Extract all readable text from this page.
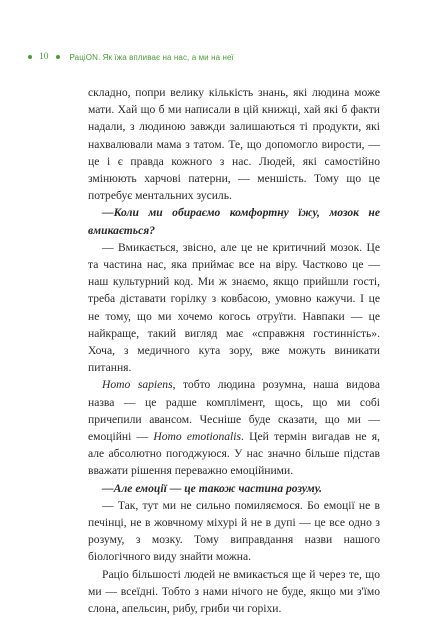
10	РаціON. Як їжа впливає на нас, а ми на неї

складно, попри велику кількість знань, які людина може мати. Хай що б ми написали в цій книжці, хай які б факти надали, з людиною завжди залишаються ті продукти, які нахвалювали мама з татом. Те, що допомогло вирости, — це і є правда кожного з нас. Людей, які самостійно змінюють харчові патерни, — меншість. Тому що це потребує ментальних зусиль.

—Коли ми обираємо комфортну їжу, мозок не вмикається?

— Вмикається, звісно, але це не критичний мозок. Це та частина нас, яка приймає все на віру. Частково це — наш культурний код. Ми ж знаємо, якщо прийшли гості, треба діставати горілку з ковбасою, умовно кажучи. І це не тому, що ми хочемо когось отруїти. Навпаки — це найкраще, такий вигляд має «справжня гостинність». Хоча, з медичного кута зору, вже можуть виникати питання.

Homo sapiens, тобто людина розумна, наша видова назва — це радше комплімент, щось, що ми собі причепили авансом. Чесніше буде сказати, що ми — емоційні — Homo emotionalis. Цей термін вигадав не я, але абсолютно погоджуюся. У нас значно більше підстав вважати рішення переважно емоційними.

—Але емоції — це також частина розуму.

— Так, тут ми не сильно помиляємося. Бо емоції не в печінці, не в жовчному міхурі й не в дупі — це все одно з розуму, з мозку. Тому виправдання назви нашого біологічного виду знайти можна.

Раціо більшості людей не вмикається ще й через те, що ми — всеїдні. Тобто з нами нічого не буде, якщо ми з'їмо слона, апельсин, рибу, гриби чи горіхи.
